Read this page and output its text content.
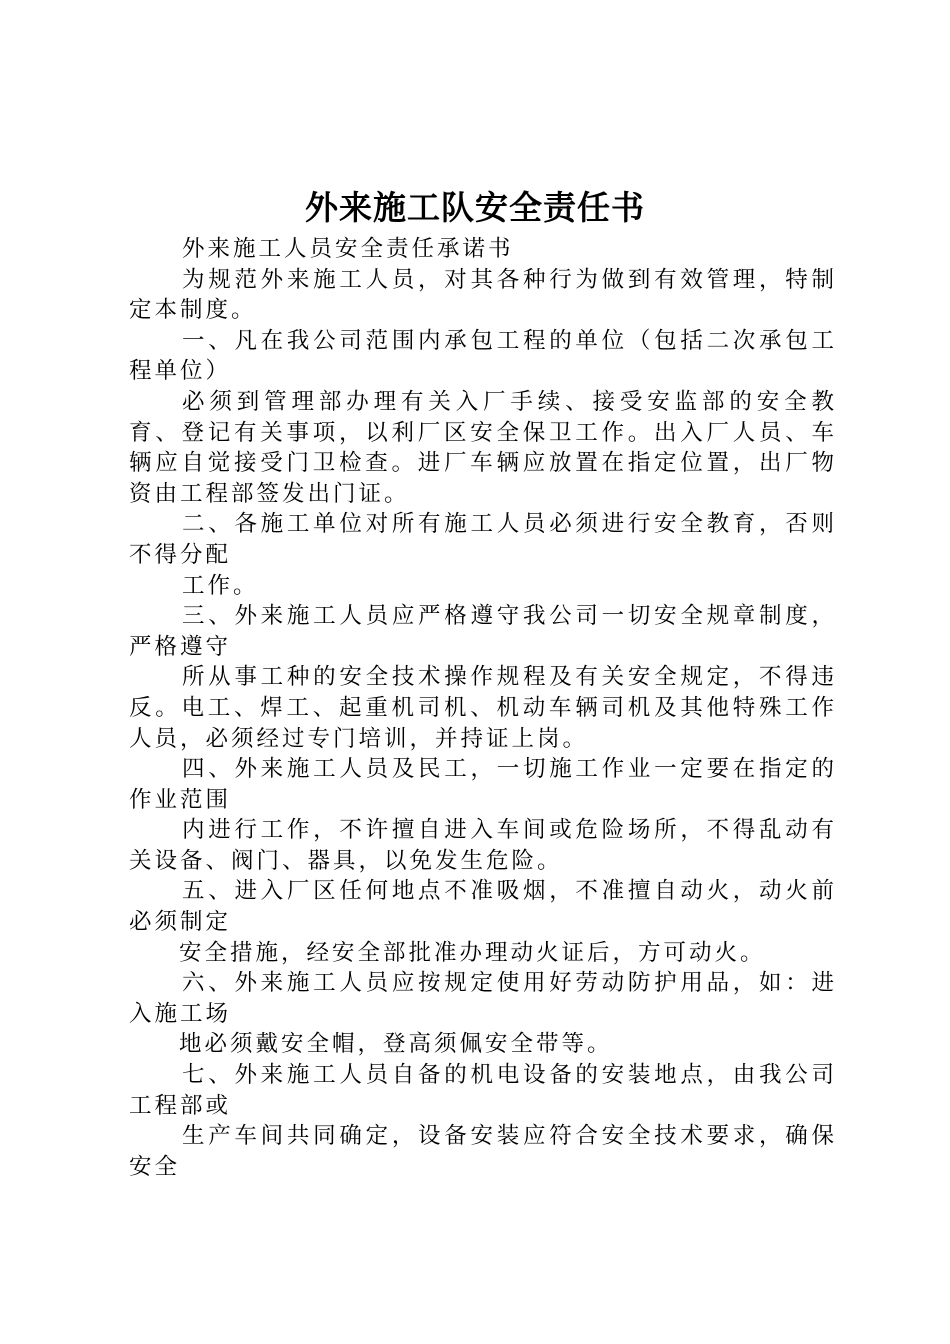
外来施工队安全责任书

外来施工人员安全责任承诺书

为规范外来施工人员，对其各种行为做到有效管理，特制定本制度。

一、凡在我公司范围内承包工程的单位（包括二次承包工程单位）

必须到管理部办理有关入厂手续、接受安监部的安全教育、登记有关事项，以利厂区安全保卫工作。出入厂人员、车辆应自觉接受门卫检查。进厂车辆应放置在指定位置，出厂物资由工程部签发出门证。

二、各施工单位对所有施工人员必须进行安全教育，否则不得分配

工作。

三、外来施工人员应严格遵守我公司一切安全规章制度，严格遵守

所从事工种的安全技术操作规程及有关安全规定，不得违反。电工、焊工、起重机司机、机动车辆司机及其他特殊工作人员，必须经过专门培训，并持证上岗。

四、外来施工人员及民工，一切施工作业一定要在指定的作业范围

内进行工作，不许擅自进入车间或危险场所，不得乱动有关设备、阀门、器具，以免发生危险。

五、进入厂区任何地点不准吸烟，不准擅自动火，动火前必须制定

安全措施，经安全部批准办理动火证后，方可动火。

六、外来施工人员应按规定使用好劳动防护用品，如：进入施工场

地必须戴安全帽，登高须佩安全带等。

七、外来施工人员自备的机电设备的安装地点，由我公司工程部或

生产车间共同确定，设备安装应符合安全技术要求，确保安全
